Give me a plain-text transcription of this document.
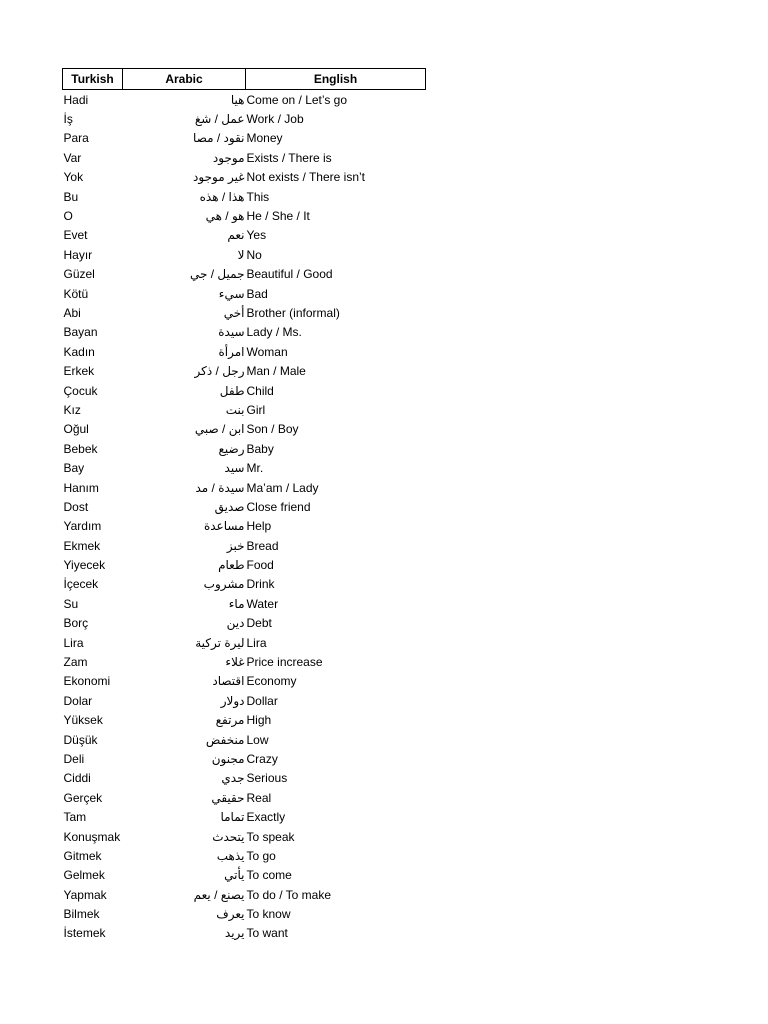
Turkish	Arabic	English
Hadi	هيا	Come on / Let’s go
İş	عمل / شغ	Work / Job
Para	نقود / مصا	Money
Var	موجود	Exists / There is
Yok	غير موجود	Not exists / There isn’t
Bu	هذا / هذه	This
O	هو / هي	He / She / It
Evet	نعم	Yes
Hayır	لا	No
Güzel	جميل / جي	Beautiful / Good
Kötü	سيء	Bad
Abi	أخي	Brother (informal)
Bayan	سيدة	Lady / Ms.
Kadın	امرأة	Woman
Erkek	رجل / ذكر	Man / Male
Çocuk	طفل	Child
Kız	بنت	Girl
Oğul	ابن / صبي	Son / Boy
Bebek	رضيع	Baby
Bay	سيد	Mr.
Hanım	سيدة / مد	Ma’am / Lady
Dost	صديق	Close friend
Yardım	مساعدة	Help
Ekmek	خبز	Bread
Yiyecek	طعام	Food
İçecek	مشروب	Drink
Su	ماء	Water
Borç	دين	Debt
Lira	ليرة تركية	Lira
Zam	غلاء	Price increase
Ekonomi	اقتصاد	Economy
Dolar	دولار	Dollar
Yüksek	مرتفع	High
Düşük	منخفض	Low
Deli	مجنون	Crazy
Ciddi	جدي	Serious
Gerçek	حقيقي	Real
Tam	تماما	Exactly
Konuşmak	يتحدث	To speak
Gitmek	يذهب	To go
Gelmek	يأتي	To come
Yapmak	يصنع / يعم	To do / To make
Bilmek	يعرف	To know
İstemek	يريد	To want
